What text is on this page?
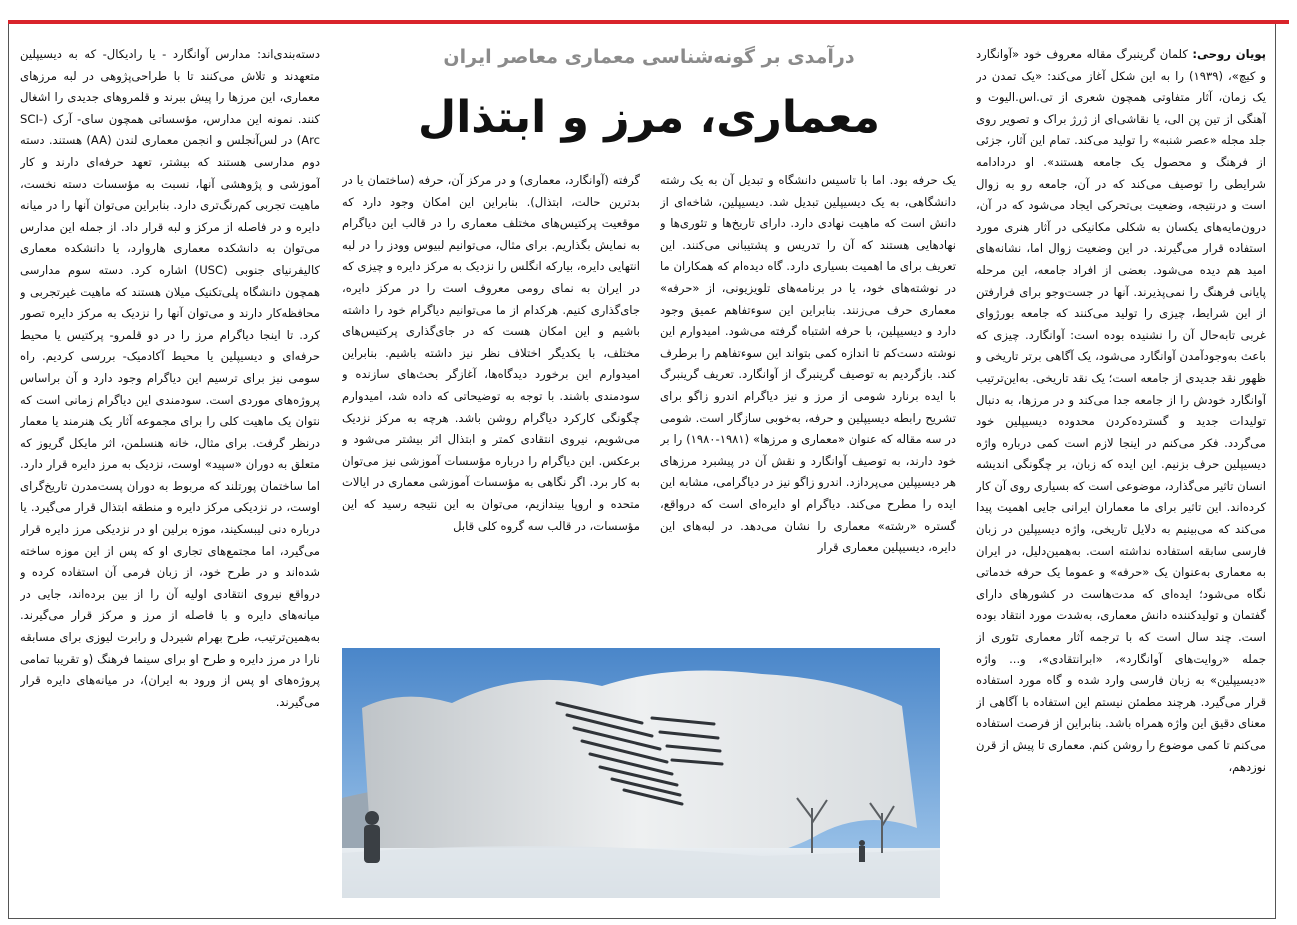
درآمدی بر گونه‌شناسی معماری معاصر ایران
معماری، مرز و ابتذال

پویان روحی: کلمان گرینبرگ مقاله معروف خود «آوانگارد و کیچ»، (۱۹۳۹) را به این شکل آغاز می‌کند: «یک تمدن در یک زمان، آثار متفاوتی همچون شعری از تی.اس.الیوت و آهنگی از تین پن الی، یا نقاشی‌ای از ژرژ براک و تصویر روی جلد مجله «عصر شنبه» را تولید می‌کند. تمام این آثار، جزئی از فرهنگ و محصول یک جامعه هستند». او دردادامه شرایطی را توصیف می‌کند که در آن، جامعه رو به زوال است و درنتیجه، وضعیت بی‌تحرکی ایجاد می‌شود که در آن، درون‌مایه‌های یکسان به شکلی مکانیکی در آثار هنری مورد استفاده قرار می‌گیرند. در این وضعیت زوال اما، نشانه‌های امید هم دیده می‌شود. بعضی از افراد جامعه، این مرحله پایانی فرهنگ را نمی‌پذیرند. آنها در جست‌وجو برای فرارفتن از این شرایط، چیزی را تولید می‌کنند که جامعه بورژوای غربی تابه‌حال آن را نشنیده بوده است: آوانگارد. چیزی که باعث به‌وجودآمدن آوانگارد می‌شود، یک آگاهی برتر تاریخی و ظهور نقد جدیدی از جامعه است؛ یک نقد تاریخی. به‌این‌ترتیب آوانگارد خودش را از جامعه جدا می‌کند و در مرزها، به دنبال تولیدات جدید و گسترده‌کردن محدوده دیسیپلین خود می‌گردد. فکر می‌کنم در اینجا لازم است کمی درباره واژه دیسیپلین حرف بزنیم. این ایده که زبان، بر چگونگی اندیشه انسان تاثیر می‌گذارد، موضوعی است که بسیاری روی آن کار کرده‌اند. این تاثیر برای ما معماران ایرانی جایی اهمیت پیدا می‌کند که می‌بینیم به دلایل تاریخی، واژه دیسیپلین در زبان فارسی سابقه استفاده نداشته است. به‌همین‌دلیل، در ایران به معماری به‌عنوان یک «حرفه» و عموما یک حرفه خدماتی نگاه می‌شود؛ ایده‌ای که مدت‌هاست در کشورهای دارای گفتمان و تولیدکننده دانش معماری، به‌شدت مورد انتقاد بوده است. چند سال است که با ترجمه آثار معماری تئوری از جمله «روایت‌های آوانگارد»، «ابرانتقادی»، و... واژه «دیسیپلین» به زبان فارسی وارد شده و گاه مورد استفاده قرار می‌گیرد. هرچند مطمئن نیستم این استفاده با آگاهی از معنای دقیق این واژه همراه باشد. بنابراین از فرصت استفاده می‌کنم تا کمی موضوع را روشن کنم. معماری تا پیش از قرن نوزدهم،

یک حرفه بود. اما با تاسیس دانشگاه و تبدیل آن به یک رشته دانشگاهی، به یک دیسیپلین تبدیل شد. دیسیپلین، شاخه‌ای از دانش است که ماهیت نهادی دارد. دارای تاریخ‌ها و تئوری‌ها و نهادهایی هستند که آن را تدریس و پشتیبانی می‌کنند. این تعریف برای ما اهمیت بسیاری دارد. گاه دیده‌ام که همکاران ما در نوشته‌های خود، یا در برنامه‌های تلویزیونی، از «حرفه» معماری حرف می‌زنند. بنابراین این سوءتفاهم عمیق وجود دارد و دیسیپلین، با حرفه اشتباه گرفته می‌شود. امیدوارم این نوشته دست‌کم تا اندازه کمی بتواند این سوءتفاهم را برطرف کند. بازگردیم به توصیف گرینبرگ از آوانگارد. تعریف گرینبرگ با ایده برنارد شومی از مرز و نیز دیاگرام اندرو زاگو برای تشریح رابطه دیسیپلین و حرفه، به‌خوبی سازگار است. شومی در سه مقاله که عنوان «معماری و مرزها» (۱۹۸۱-۱۹۸۰) را بر خود دارند، به توصیف آوانگارد و نقش آن در پیشبرد مرزهای هر دیسیپلین می‌پردازد. اندرو زاگو نیز در دیاگرامی، مشابه این ایده را مطرح می‌کند. دیاگرام او دایره‌ای است که درواقع، گستره «رشته» معماری را نشان می‌دهد. در لبه‌های این دایره، دیسیپلین معماری قرار

گرفته (آوانگارد، معماری) و در مرکز آن، حرفه (ساختمان یا در بدترین حالت، ابتذال). بنابراین این امکان وجود دارد که موقعیت پرکتیس‌های مختلف معماری را در قالب این دیاگرام به نمایش بگذاریم. برای مثال، می‌توانیم لبیوس وودز را در لبه انتهایی دایره، بیارکه انگلس را نزدیک به مرکز دایره و چیزی که در ایران به نمای رومی معروف است را در مرکز دایره، جای‌گذاری کنیم. هرکدام از ما می‌توانیم دیاگرام خود را داشته باشیم و این امکان هست که در جای‌گذاری پرکتیس‌های مختلف، با یکدیگر اختلاف نظر نیز داشته باشیم. بنابراین امیدوارم این برخورد دیدگاه‌ها، آغازگر بحث‌های سازنده و سودمندی باشند. با توجه به توضیحاتی که داده شد، امیدوارم چگونگی کارکرد دیاگرام روشن باشد. هرچه به مرکز نزدیک می‌شویم، نیروی انتقادی کمتر و ابتذال اثر بیشتر می‌شود و برعکس. این دیاگرام را درباره مؤسسات آموزشی نیز می‌توان به کار برد. اگر نگاهی به مؤسسات آموزشی معماری در ایالات متحده و اروپا بیندازیم، می‌توان به این نتیجه رسید که این مؤسسات، در قالب سه گروه کلی قابل

دسته‌بندی‌اند: مدارس آوانگارد - یا رادیکال- که به دیسیپلین متعهدند و تلاش می‌کنند تا با طراحی‌پژوهی در لبه مرزهای معماری، این مرزها را پیش ببرند و قلمروهای جدیدی را اشغال کنند. نمونه این مدارس، مؤسساتی همچون سای- آرک (SCI-Arc) در لس‌آنجلس و انجمن معماری لندن (AA) هستند. دسته دوم مدارسی هستند که بیشتر، تعهد حرفه‌ای دارند و کار آموزشی و پژوهشی آنها، نسبت به مؤسسات دسته نخست، ماهیت تجربی کم‌رنگ‌تری دارد. بنابراین می‌توان آنها را در میانه دایره و در فاصله از مرکز و لبه قرار داد. از جمله این مدارس می‌توان به دانشکده معماری هاروارد، یا دانشکده معماری کالیفرنیای جنوبی (USC) اشاره کرد. دسته سوم مدارسی همچون دانشگاه پلی‌تکنیک میلان هستند که ماهیت غیرتجربی و محافظه‌کار دارند و می‌توان آنها را نزدیک به مرکز دایره تصور کرد. تا اینجا دیاگرام مرز را در دو قلمرو- پرکتیس یا محیط حرفه‌ای و دیسیپلین یا محیط آکادمیک- بررسی کردیم. راه سومی نیز برای ترسیم این دیاگرام وجود دارد و آن براساس پروژه‌های موردی است. سودمندی این دیاگرام زمانی است که نتوان یک ماهیت کلی را برای مجموعه آثار یک هنرمند یا معمار درنظر گرفت. برای مثال، خانه هنسلمن، اثر مایکل گریوز که متعلق به دوران «سپید» اوست، نزدیک به مرز دایره قرار دارد. اما ساختمان پورتلند که مربوط به دوران پست‌مدرن تاریخ‌گرای اوست، در نزدیکی مرکز دایره و منطقه ابتذال قرار می‌گیرد. یا درباره دنی لیبسکیند، موزه برلین او در نزدیکی مرز دایره قرار می‌گیرد، اما مجتمع‌های تجاری او که پس از این موزه ساخته شده‌اند و در طرح خود، از زبان فرمی آن استفاده کرده و درواقع نیروی انتقادی اولیه آن را از بین برده‌اند، جایی در میانه‌های دایره و با فاصله از مرز و مرکز قرار می‌گیرند. به‌همین‌ترتیب، طرح بهرام شیردل و رابرت لیوزی برای مسابقه نارا در مرز دایره و طرح او برای سینما فرهنگ (و تقریبا تمامی پروژه‌های او پس از ورود به ایران)، در میانه‌های دایره قرار می‌گیرند.
